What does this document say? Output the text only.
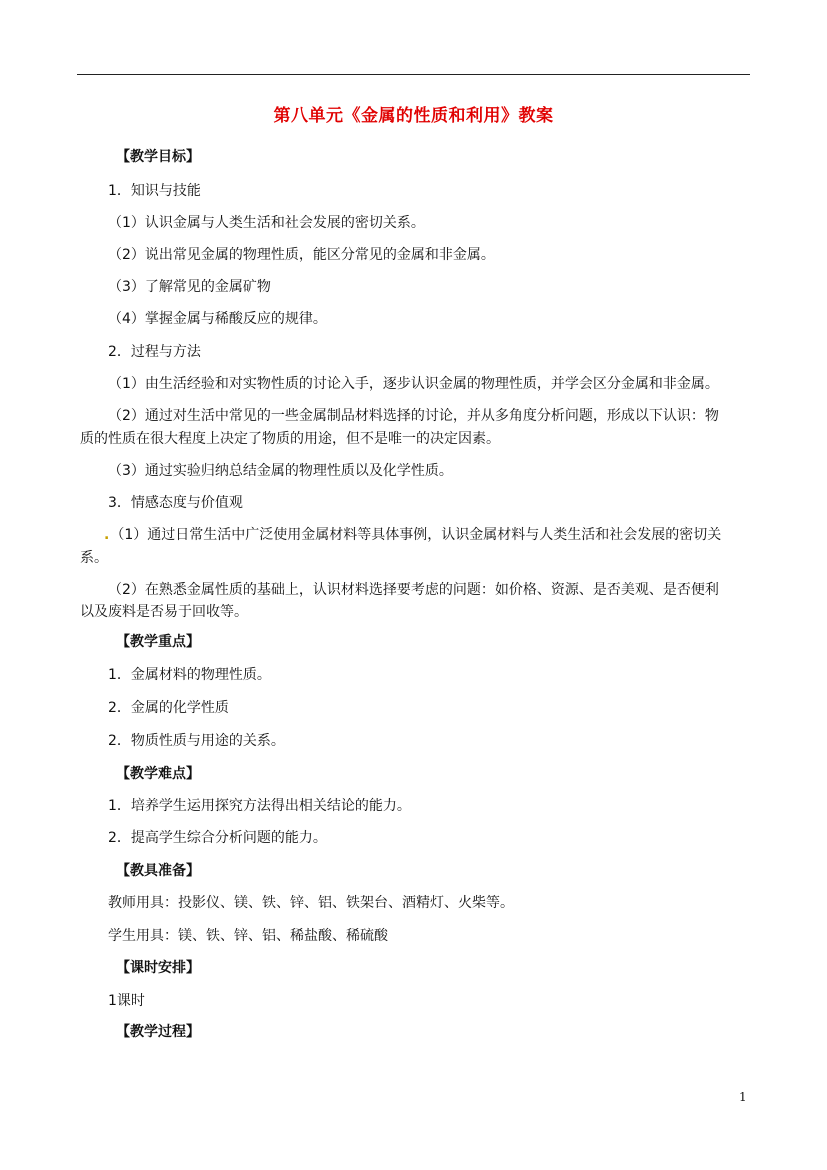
第八单元《金属的性质和利用》教案
【教学目标】
1．知识与技能
（1）认识金属与人类生活和社会发展的密切关系。
（2）说出常见金属的物理性质，能区分常见的金属和非金属。
（3）了解常见的金属矿物
（4）掌握金属与稀酸反应的规律。
2．过程与方法
（1）由生活经验和对实物性质的讨论入手，逐步认识金属的物理性质，并学会区分金属和非金属。
（2）通过对生活中常见的一些金属制品材料选择的讨论，并从多角度分析问题，形成以下认识：物
质的性质在很大程度上决定了物质的用途，但不是唯一的决定因素。
（3）通过实验归纳总结金属的物理性质以及化学性质。
3．情感态度与价值观
.（1）通过日常生活中广泛使用金属材料等具体事例，认识金属材料与人类生活和社会发展的密切关
系。
（2）在熟悉金属性质的基础上，认识材料选择要考虑的问题：如价格、资源、是否美观、是否便利
以及废料是否易于回收等。
【教学重点】
1．金属材料的物理性质。
2．金属的化学性质
2．物质性质与用途的关系。
【教学难点】
1．培养学生运用探究方法得出相关结论的能力。
2．提高学生综合分析问题的能力。
【教具准备】
教师用具：投影仪、镁、铁、锌、铝、铁架台、酒精灯、火柴等。
学生用具：镁、铁、锌、铝、稀盐酸、稀硫酸
【课时安排】
1课时
【教学过程】
1
